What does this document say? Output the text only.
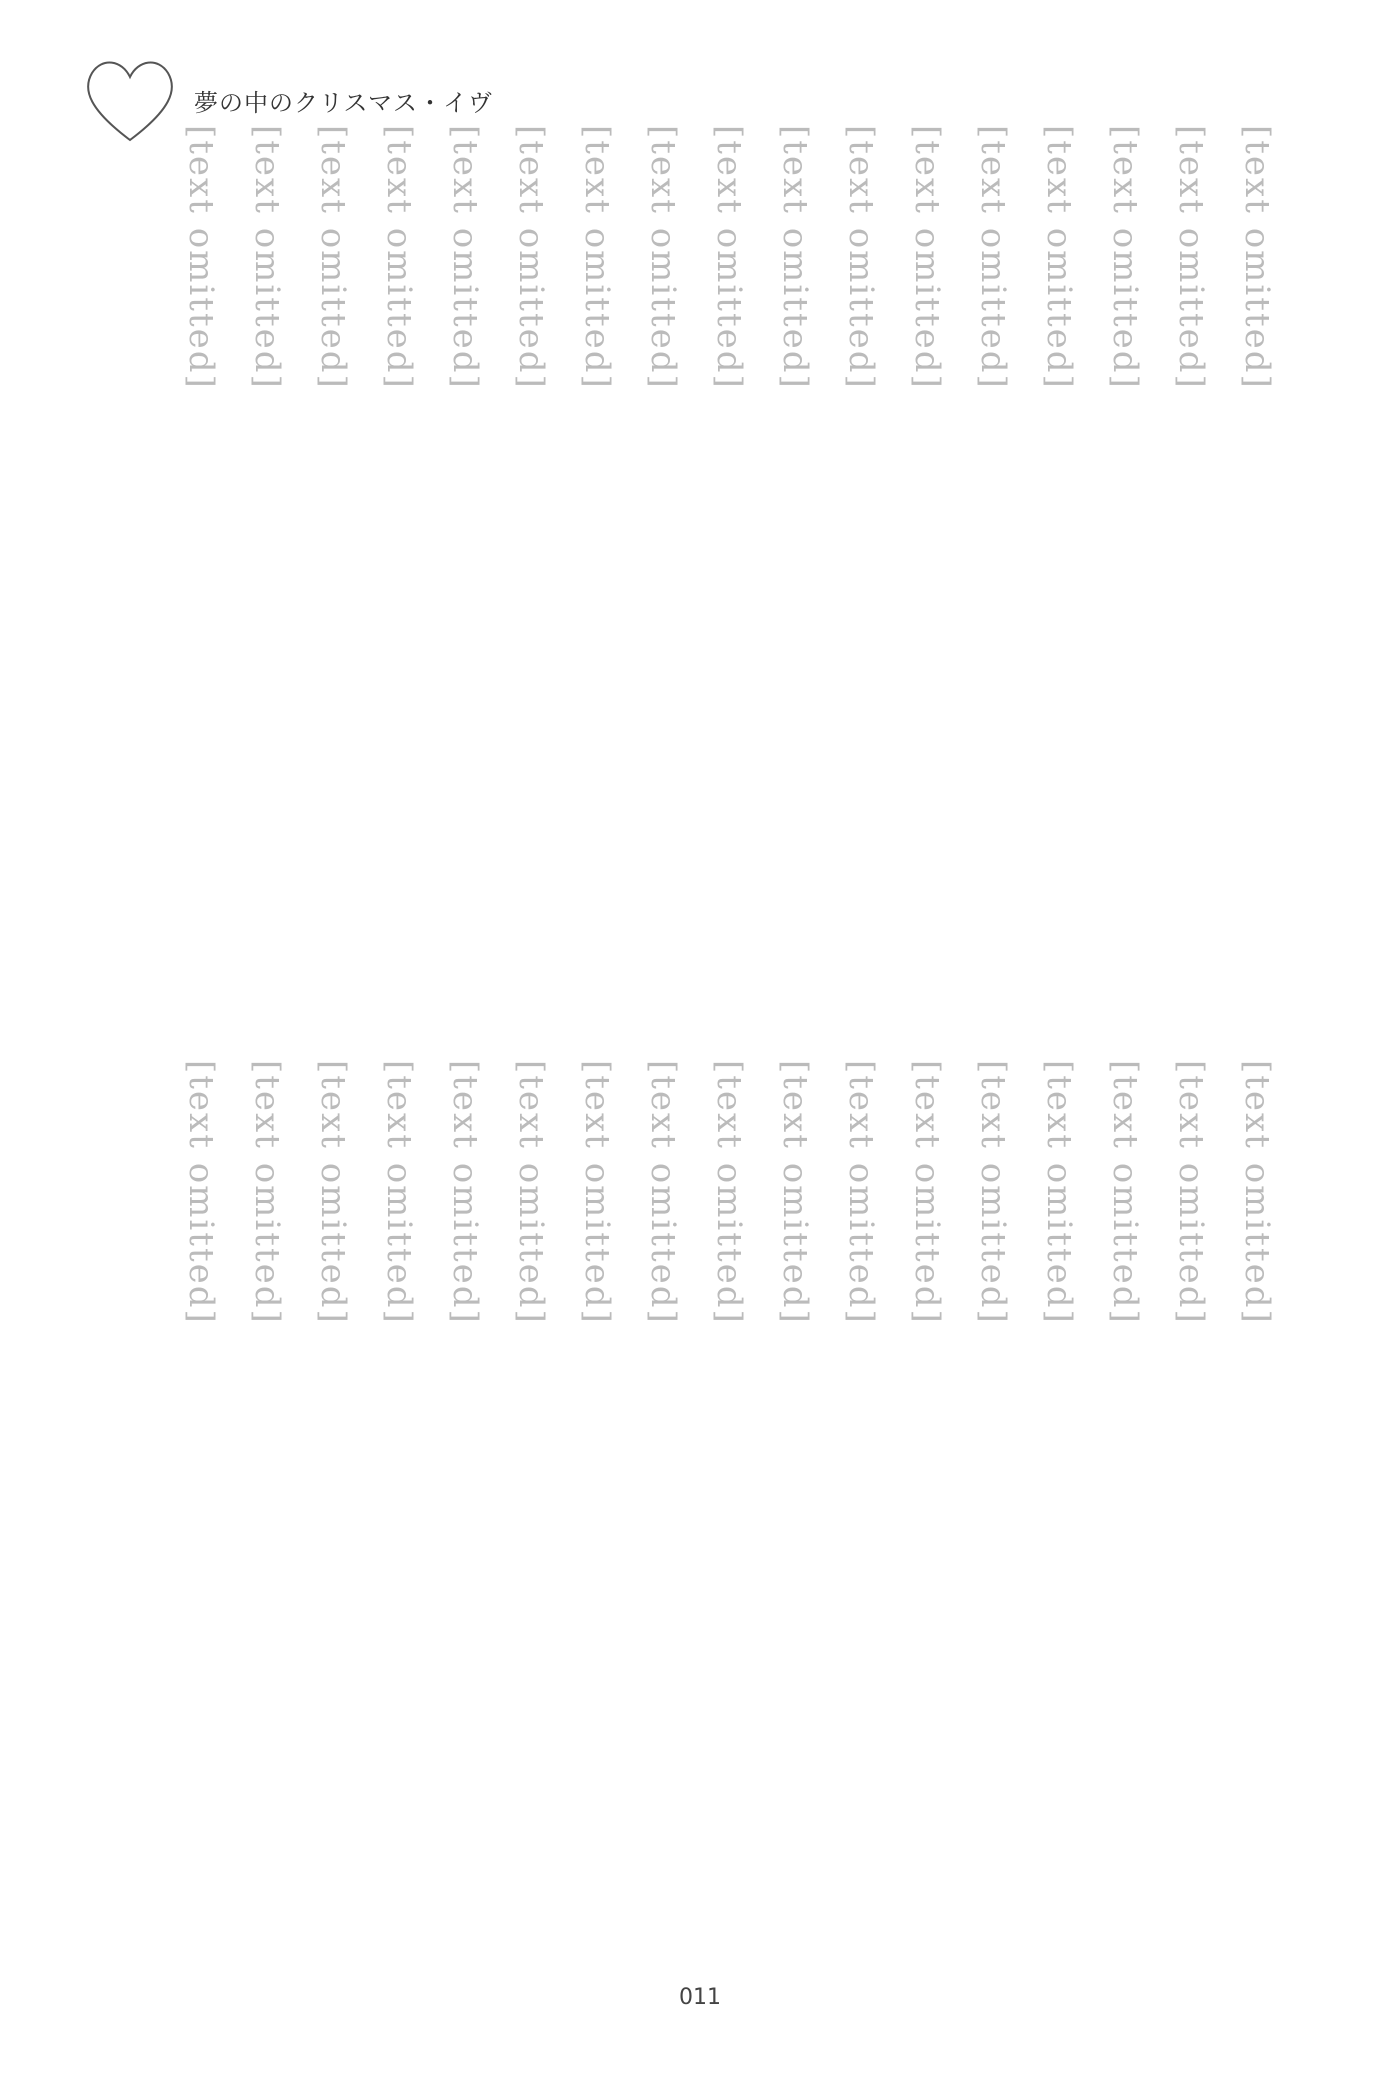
夢の中のクリスマス・イヴ
[text omitted]
[text omitted]
[text omitted]
[text omitted]
[text omitted]
[text omitted]
[text omitted]
[text omitted]
[text omitted]
[text omitted]
[text omitted]
[text omitted]
[text omitted]
[text omitted]
[text omitted]
[text omitted]
[text omitted]
[text omitted]
[text omitted]
[text omitted]
[text omitted]
[text omitted]
[text omitted]
[text omitted]
[text omitted]
[text omitted]
[text omitted]
[text omitted]
[text omitted]
[text omitted]
[text omitted]
[text omitted]
[text omitted]
[text omitted]
011
